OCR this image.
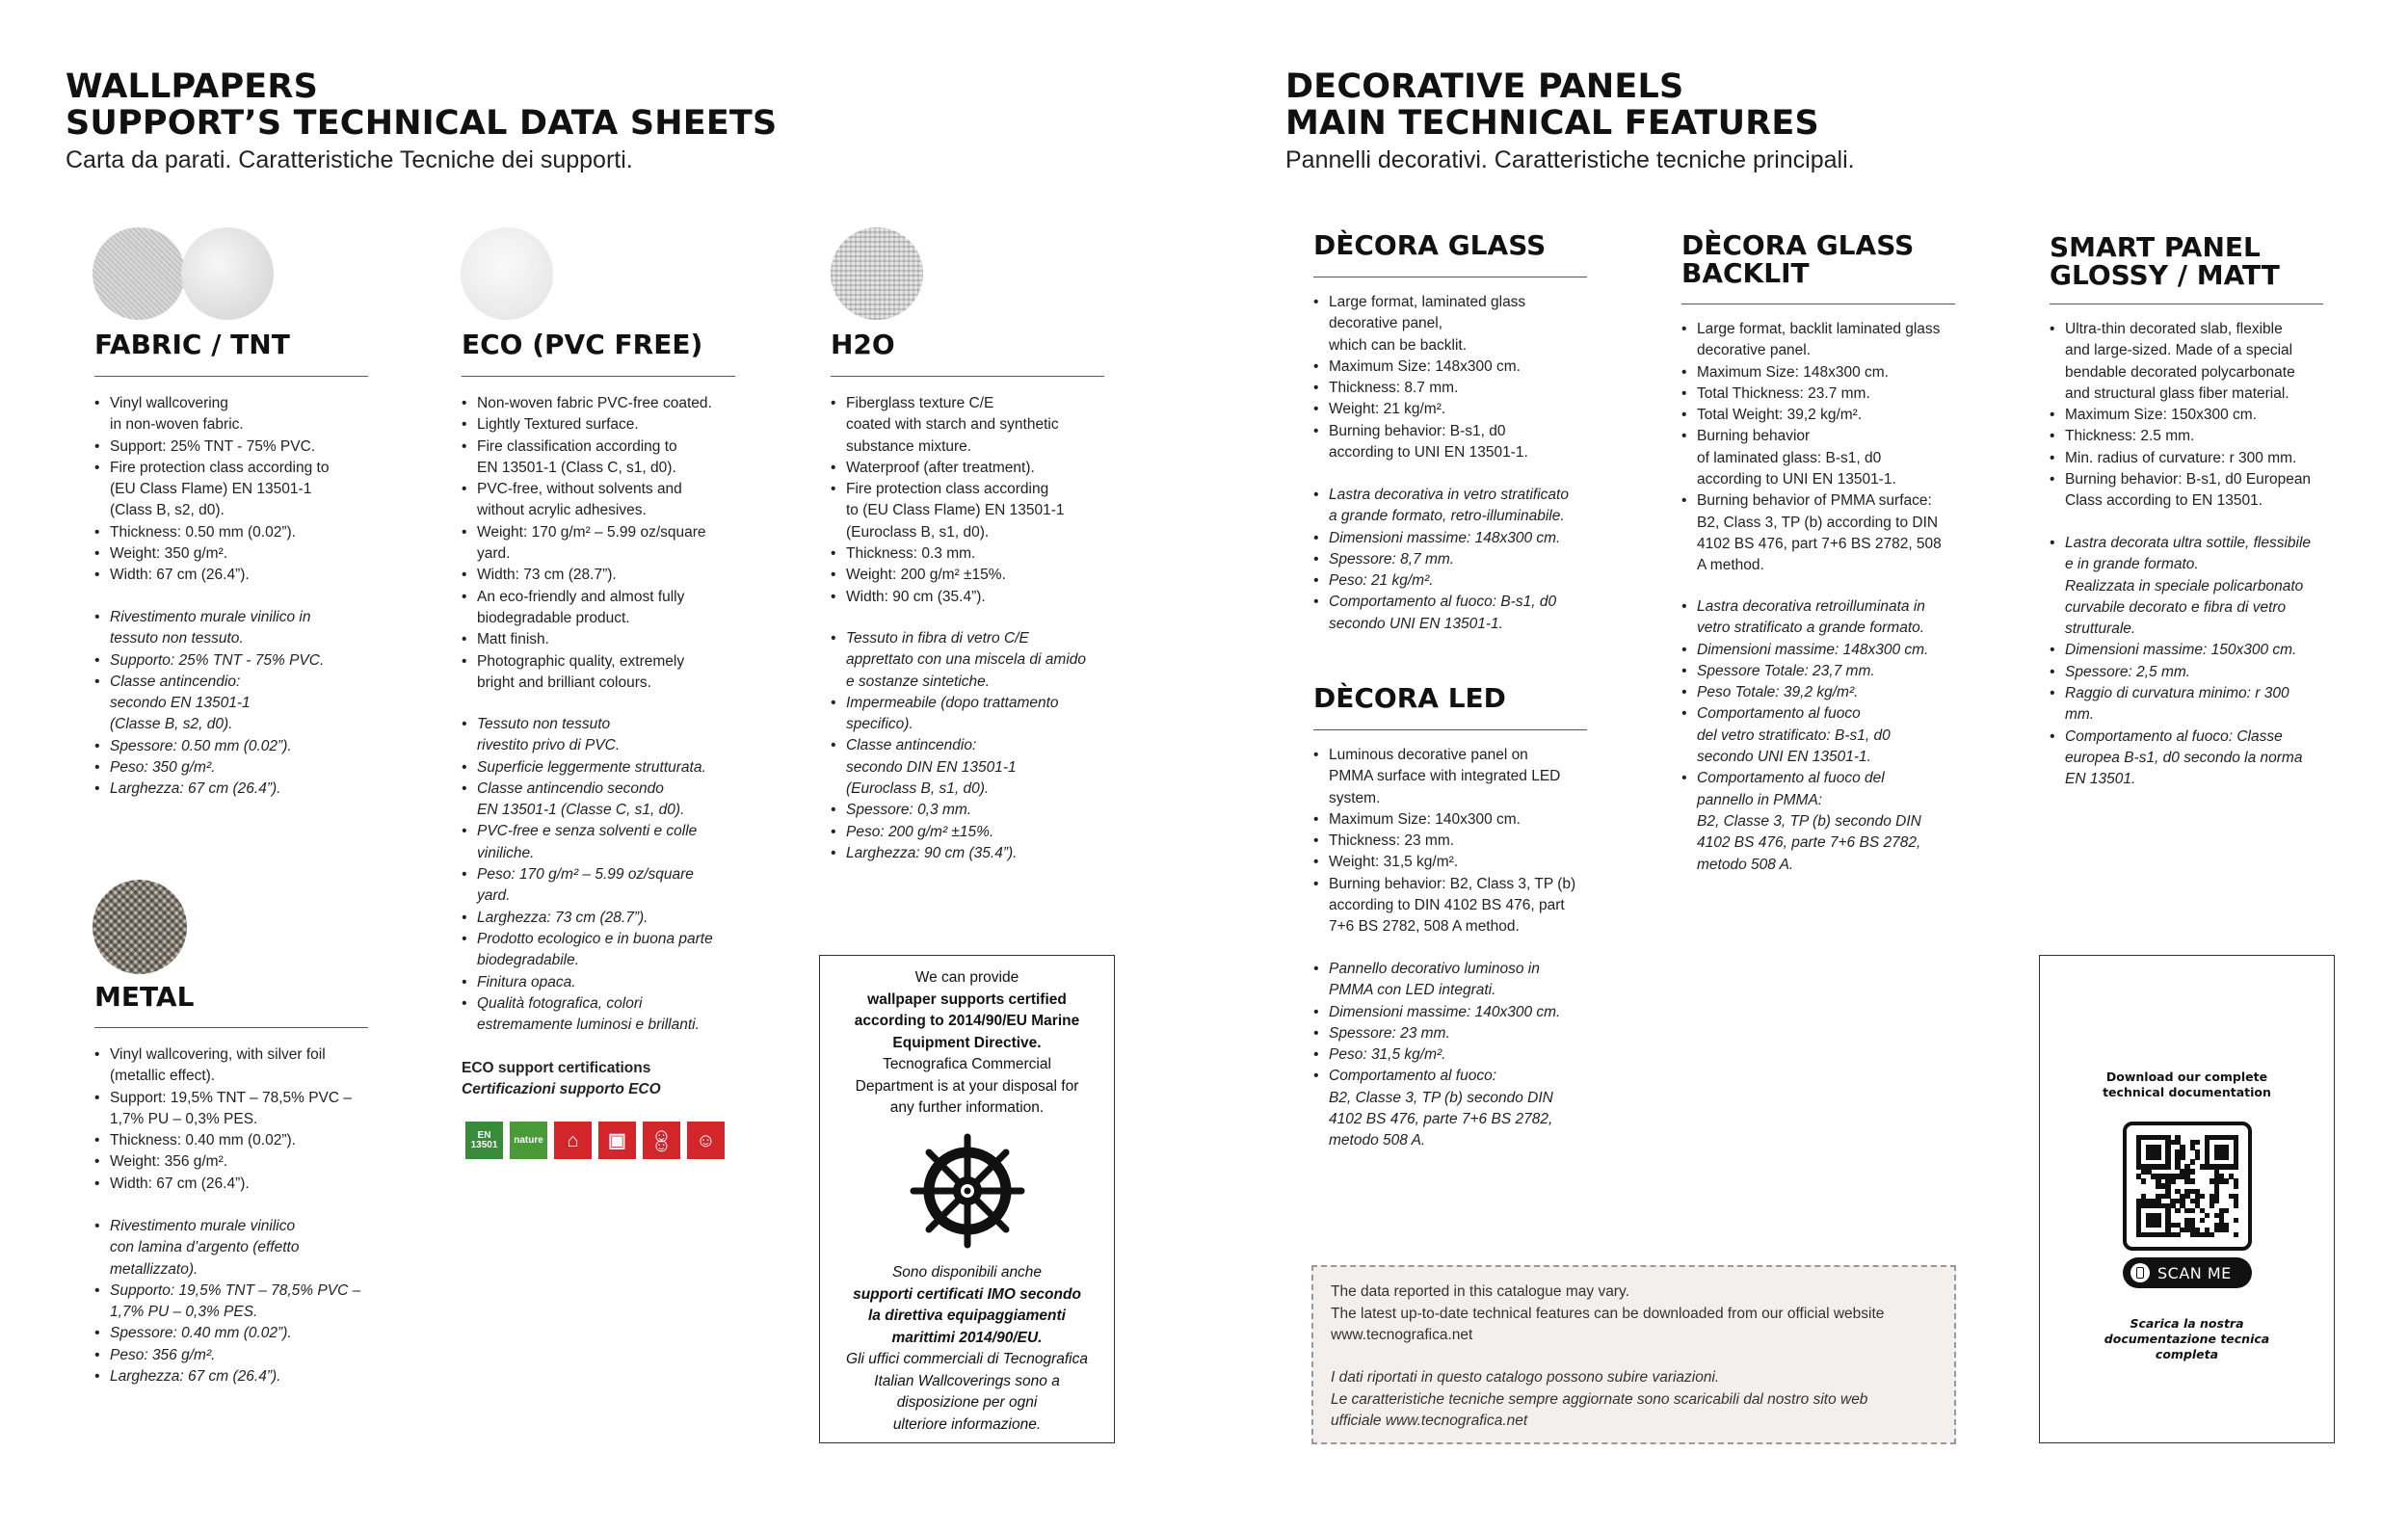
WALLPAPERS
SUPPORT’S TECHNICAL DATA SHEETS
Carta da parati. Caratteristiche Tecniche dei supporti.
DECORATIVE PANELS
MAIN TECHNICAL FEATURES
Pannelli decorativi. Caratteristiche tecniche principali.
FABRIC / TNT
• Vinyl wallcovering
in non-woven fabric.
• Support: 25% TNT - 75% PVC.
• Fire protection class according to
(EU Class Flame) EN 13501-1
(Class B, s2, d0).
• Thickness: 0.50 mm (0.02”).
• Weight: 350 g/m².
• Width: 67 cm (26.4”).
• Rivestimento murale vinilico in
tessuto non tessuto.
• Supporto: 25% TNT - 75% PVC.
• Classe antincendio:
secondo EN 13501-1
(Classe B, s2, d0).
• Spessore: 0.50 mm (0.02”).
• Peso: 350 g/m².
• Larghezza: 67 cm (26.4”).
ECO (PVC FREE)
• Non-woven fabric PVC-free coated.
• Lightly Textured surface.
• Fire classification according to
EN 13501-1 (Class C, s1, d0).
• PVC-free, without solvents and
without acrylic adhesives.
• Weight: 170 g/m² – 5.99 oz/square
yard.
• Width: 73 cm (28.7”).
• An eco-friendly and almost fully
biodegradable product.
• Matt finish.
• Photographic quality, extremely
bright and brilliant colours.
• Tessuto non tessuto
rivestito privo di PVC.
• Superficie leggermente strutturata.
• Classe antincendio secondo
EN 13501-1 (Classe C, s1, d0).
• PVC-free e senza solventi e colle
viniliche.
• Peso: 170 g/m² – 5.99 oz/square
yard.
• Larghezza: 73 cm (28.7”).
• Prodotto ecologico e in buona parte
biodegradabile.
• Finitura opaca.
• Qualità fotografica, colori
estremamente luminosi e brillanti.
ECO support certifications
Certificazioni supporto ECO
EN 13501	nature ⌂ ▣	☺☺	☺
H2O
• Fiberglass texture C/E
coated with starch and synthetic
substance mixture.
• Waterproof (after treatment).
• Fire protection class according
to (EU Class Flame) EN 13501-1
(Euroclass B, s1, d0).
• Thickness: 0.3 mm.
• Weight: 200 g/m² ±15%.
• Width: 90 cm (35.4”).
• Tessuto in fibra di vetro C/E
apprettato con una miscela di amido
e sostanze sintetiche.
• Impermeabile (dopo trattamento
specifico).
• Classe antincendio:
secondo DIN EN 13501-1
(Euroclass B, s1, d0).
• Spessore: 0,3 mm.
• Peso: 200 g/m² ±15%.
• Larghezza: 90 cm (35.4”).
METAL
• Vinyl wallcovering, with silver foil
(metallic effect).
• Support: 19,5% TNT – 78,5% PVC –
1,7% PU – 0,3% PES.
• Thickness: 0.40 mm (0.02”).
• Weight: 356 g/m².
• Width: 67 cm (26.4”).
• Rivestimento murale vinilico
con lamina d’argento (effetto
metallizzato).
• Supporto: 19,5% TNT – 78,5% PVC –
1,7% PU – 0,3% PES.
• Spessore: 0.40 mm (0.02”).
• Peso: 356 g/m².
• Larghezza: 67 cm (26.4”).
We can provide
wallpaper supports certified
according to 2014/90/EU Marine
Equipment Directive.
Tecnografica Commercial
Department is at your disposal for
any further information.
Sono disponibili anche
supporti certificati IMO secondo
la direttiva equipaggiamenti
marittimi 2014/90/EU.
Gli uffici commerciali di Tecnografica
Italian Wallcoverings sono a
disposizione per ogni
ulteriore informazione.
DÈCORA GLASS
• Large format, laminated glass
decorative panel,
which can be backlit.
• Maximum Size: 148x300 cm.
• Thickness: 8.7 mm.
• Weight: 21 kg/m².
• Burning behavior: B-s1, d0
according to UNI EN 13501-1.
• Lastra decorativa in vetro stratificato
a grande formato, retro-illuminabile.
• Dimensioni massime: 148x300 cm.
• Spessore: 8,7 mm.
• Peso: 21 kg/m².
• Comportamento al fuoco: B-s1, d0
secondo UNI EN 13501-1.
DÈCORA LED
• Luminous decorative panel on
PMMA surface with integrated LED
system.
• Maximum Size: 140x300 cm.
• Thickness: 23 mm.
• Weight: 31,5 kg/m².
• Burning behavior: B2, Class 3, TP (b)
according to DIN 4102 BS 476, part
7+6 BS 2782, 508 A method.
• Pannello decorativo luminoso in
PMMA con LED integrati.
• Dimensioni massime: 140x300 cm.
• Spessore: 23 mm.
• Peso: 31,5 kg/m².
• Comportamento al fuoco:
B2, Classe 3, TP (b) secondo DIN
4102 BS 476, parte 7+6 BS 2782,
metodo 508 A.
DÈCORA GLASS
BACKLIT
• Large format, backlit laminated glass
decorative panel.
• Maximum Size: 148x300 cm.
• Total Thickness: 23.7 mm.
• Total Weight: 39,2 kg/m².
• Burning behavior
of laminated glass: B-s1, d0
according to UNI EN 13501-1.
• Burning behavior of PMMA surface:
B2, Class 3, TP (b) according to DIN
4102 BS 476, part 7+6 BS 2782, 508
A method.
• Lastra decorativa retroilluminata in
vetro stratificato a grande formato.
• Dimensioni massime: 148x300 cm.
• Spessore Totale: 23,7 mm.
• Peso Totale: 39,2 kg/m².
• Comportamento al fuoco
del vetro stratificato: B-s1, d0
secondo UNI EN 13501-1.
• Comportamento al fuoco del
pannello in PMMA:
B2, Classe 3, TP (b) secondo DIN
4102 BS 476, parte 7+6 BS 2782,
metodo 508 A.
SMART PANEL
GLOSSY / MATT
• Ultra-thin decorated slab, flexible
and large-sized. Made of a special
bendable decorated polycarbonate
and structural glass fiber material.
• Maximum Size: 150x300 cm.
• Thickness: 2.5 mm.
• Min. radius of curvature: r 300 mm.
• Burning behavior: B-s1, d0 European
Class according to EN 13501.
• Lastra decorata ultra sottile, flessibile
e in grande formato.
Realizzata in speciale policarbonato
curvabile decorato e fibra di vetro
strutturale.
• Dimensioni massime: 150x300 cm.
• Spessore: 2,5 mm.
• Raggio di curvatura minimo: r 300
mm.
• Comportamento al fuoco: Classe
europea B-s1, d0 secondo la norma
EN 13501.
The data reported in this catalogue may vary.
The latest up-to-date technical features can be downloaded from our official website
www.tecnografica.net
I dati riportati in questo catalogo possono subire variazioni.
Le caratteristiche tecniche sempre aggiornate sono scaricabili dal nostro sito web
ufficiale www.tecnografica.net
Download our complete
technical documentation
SCAN ME
Scarica la nostra
documentazione tecnica
completa
